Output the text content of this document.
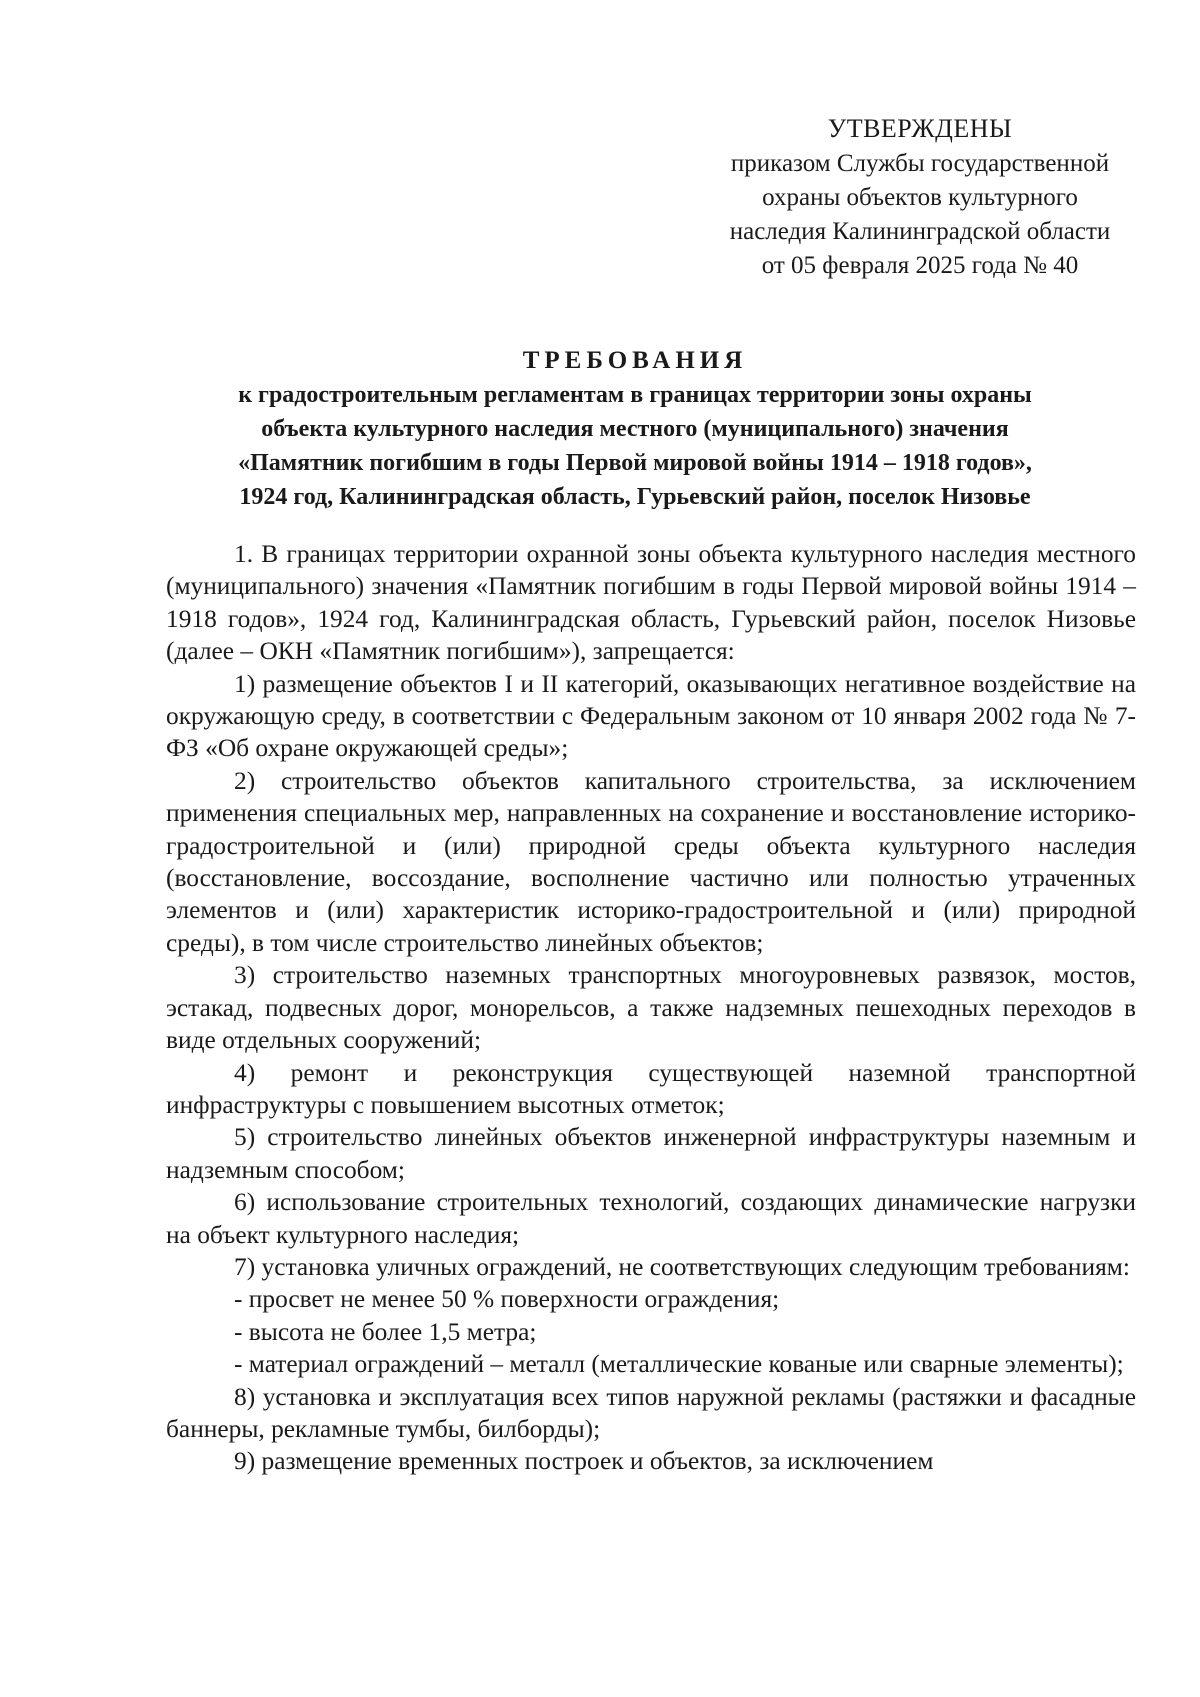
УТВЕРЖДЕНЫ
приказом Службы государственной
охраны объектов культурного
наследия Калининградской области
от 05 февраля 2025 года № 40
ТРЕБОВАНИЯ
к градостроительным регламентам в границах территории зоны охраны
объекта культурного наследия местного (муниципального) значения
«Памятник погибшим в годы Первой мировой войны 1914 – 1918 годов»,
1924 год, Калининградская область, Гурьевский район, поселок Низовье

1. В границах территории охранной зоны объекта культурного наследия местного (муниципального) значения «Памятник погибшим в годы Первой мировой войны 1914 – 1918 годов», 1924 год, Калининградская область, Гурьевский район, поселок Низовье (далее – ОКН «Памятник погибшим»), запрещается:

1) размещение объектов I и II категорий, оказывающих негативное воздействие на окружающую среду, в соответствии с Федеральным законом от 10 января 2002 года № 7-ФЗ «Об охране окружающей среды»;

2) строительство объектов капитального строительства, за исключением применения специальных мер, направленных на сохранение и восстановление историко-градостроительной и (или) природной среды объекта культурного наследия (восстановление, воссоздание, восполнение частично или полностью утраченных элементов и (или) характеристик историко-градостроительной и (или) природной среды), в том числе строительство линейных объектов;

3) строительство наземных транспортных многоуровневых развязок, мостов, эстакад, подвесных дорог, монорельсов, а также надземных пешеходных переходов в виде отдельных сооружений;

4) ремонт и реконструкция существующей наземной транспортной инфраструктуры с повышением высотных отметок;

5) строительство линейных объектов инженерной инфраструктуры наземным и надземным способом;

6) использование строительных технологий, создающих динамические нагрузки на объект культурного наследия;

7) установка уличных ограждений, не соответствующих следующим требованиям:

- просвет не менее 50 % поверхности ограждения;

- высота не более 1,5 метра;

- материал ограждений – металл (металлические кованые или сварные элементы);

8) установка и эксплуатация всех типов наружной рекламы (растяжки и фасадные баннеры, рекламные тумбы, билборды);

9) размещение временных построек и объектов, за исключением
